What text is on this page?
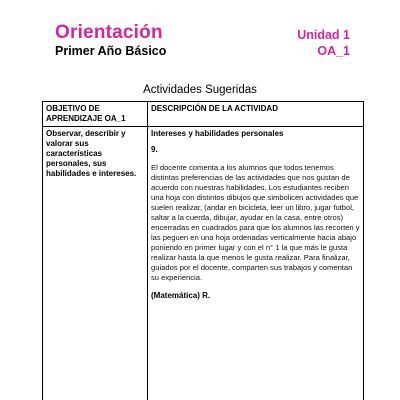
Orientación
Primer Año Básico
Unidad 1
OA_1
Actividades Sugeridas
OBJETIVO DE APRENDIZAJE OA_1	DESCRIPCIÓN DE LA ACTIVIDAD

Observar, describir y valorar sus características personales, sus habilidades e intereses.	Intereses y habilidades personales
9.
El docente comenta a los alumnos que todos tenemos distintas preferencias de las actividades que nos gustan de acuerdo con nuestras habilidades. Los estudiantes reciben una hoja con distintos dibujos que simbolicen actividades que suelen realizar, (andar en bicicleta, leer un libro, jugar futbol, saltar a la cuerda, dibujar, ayudar en la casa, entre otros) encerradas en cuadrados para que los alumnos las recorten y las peguen en una hoja ordenadas verticalmente hacia abajo poniendo en primer lugar y con el n° 1 la que más le gusta realizar hasta la que menos le gusta realizar. Para finalizar, guiados por el docente, comparten sus trabajos y comentan su experiencia.
(Matemática) R.
